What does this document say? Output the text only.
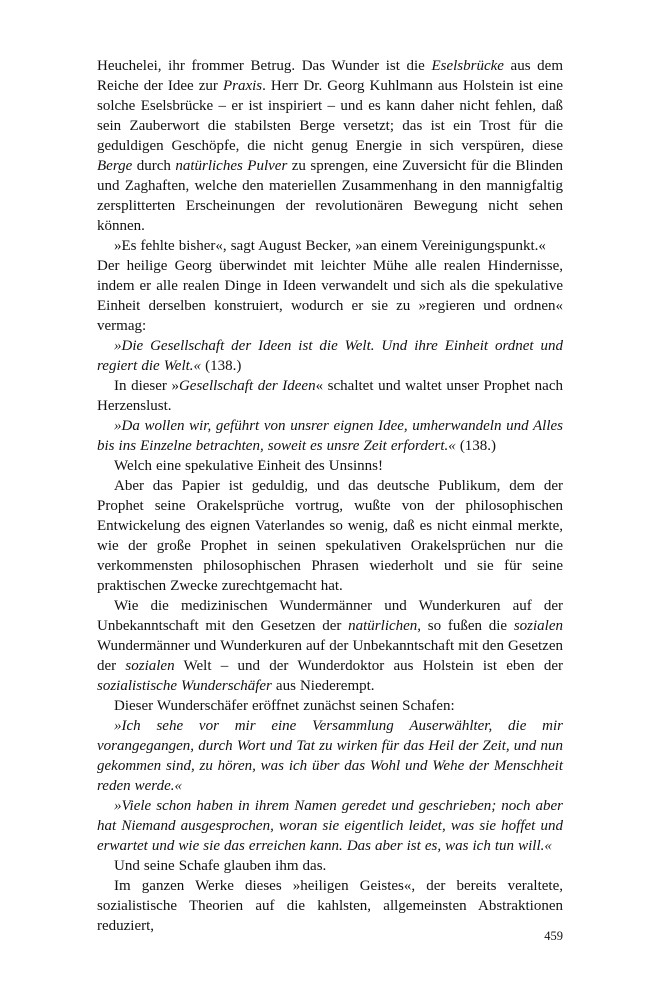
Heuchelei, ihr frommer Betrug. Das Wunder ist die Eselsbrücke aus dem Reiche der Idee zur Praxis. Herr Dr. Georg Kuhlmann aus Holstein ist eine solche Eselsbrücke – er ist inspiriert – und es kann daher nicht fehlen, daß sein Zauberwort die stabilsten Berge versetzt; das ist ein Trost für die geduldigen Geschöpfe, die nicht genug Energie in sich verspüren, diese Berge durch natürliches Pulver zu sprengen, eine Zuversicht für die Blinden und Zaghaften, welche den materiellen Zusammenhang in den mannigfaltig zersplitterten Erscheinungen der revolutionären Bewegung nicht sehen können.

»Es fehlte bisher«, sagt August Becker, »an einem Vereinigungspunkt.«

Der heilige Georg überwindet mit leichter Mühe alle realen Hindernisse, indem er alle realen Dinge in Ideen verwandelt und sich als die spekulative Einheit derselben konstruiert, wodurch er sie zu »regieren und ordnen« vermag:

»Die Gesellschaft der Ideen ist die Welt. Und ihre Einheit ordnet und regiert die Welt.« (138.)

In dieser »Gesellschaft der Ideen« schaltet und waltet unser Prophet nach Herzenslust.

»Da wollen wir, geführt von unsrer eignen Idee, umherwandeln und Alles bis ins Einzelne betrachten, soweit es unsre Zeit erfordert.« (138.)

Welch eine spekulative Einheit des Unsinns!

Aber das Papier ist geduldig, und das deutsche Publikum, dem der Prophet seine Orakelsprüche vortrug, wußte von der philosophischen Entwickelung des eignen Vaterlandes so wenig, daß es nicht einmal merkte, wie der große Prophet in seinen spekulativen Orakelsprüchen nur die verkommensten philosophischen Phrasen wiederholt und sie für seine praktischen Zwecke zurechtgemacht hat.

Wie die medizinischen Wundermänner und Wunderkuren auf der Unbekanntschaft mit den Gesetzen der natürlichen, so fußen die sozialen Wundermänner und Wunderkuren auf der Unbekanntschaft mit den Gesetzen der sozialen Welt – und der Wunderdoktor aus Holstein ist eben der sozialistische Wunderschäfer aus Niederempt.

Dieser Wunderschäfer eröffnet zunächst seinen Schafen:

»Ich sehe vor mir eine Versammlung Auserwählter, die mir vorangegangen, durch Wort und Tat zu wirken für das Heil der Zeit, und nun gekommen sind, zu hören, was ich über das Wohl und Wehe der Menschheit reden werde.«

»Viele schon haben in ihrem Namen geredet und geschrieben; noch aber hat Niemand ausgesprochen, woran sie eigentlich leidet, was sie hoffet und erwartet und wie sie das erreichen kann. Das aber ist es, was ich tun will.«

Und seine Schafe glauben ihm das.

Im ganzen Werke dieses »heiligen Geistes«, der bereits veraltete, sozialistische Theorien auf die kahlsten, allgemeinsten Abstraktionen reduziert,

459
